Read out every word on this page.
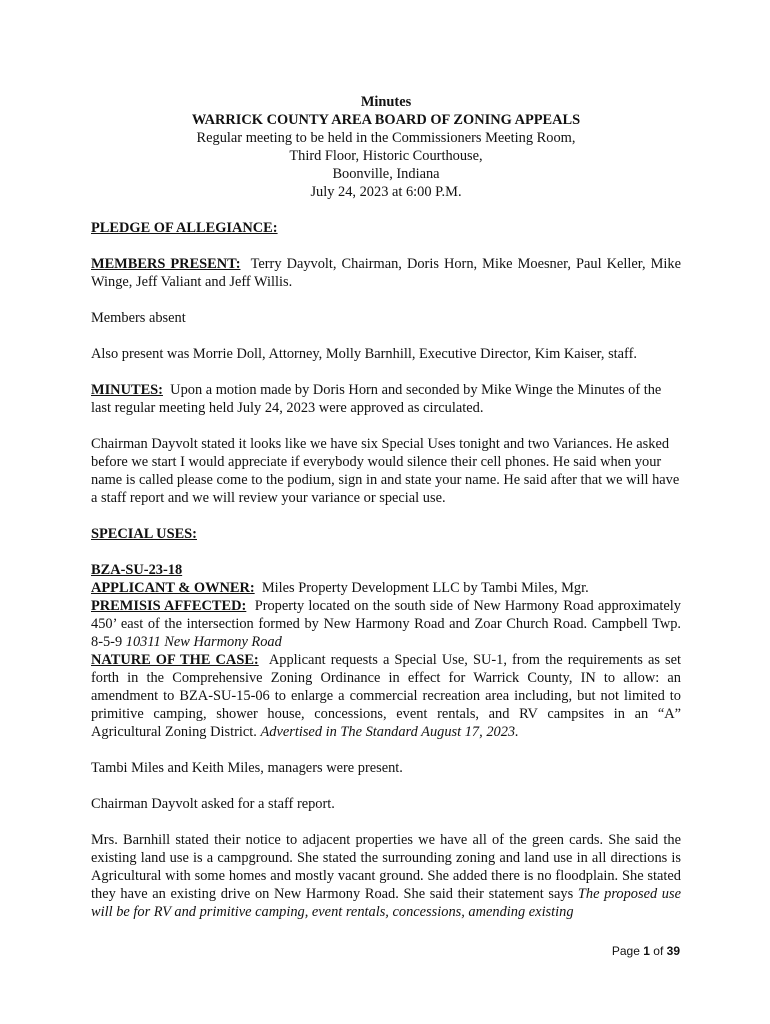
Minutes

WARRICK COUNTY AREA BOARD OF ZONING APPEALS

Regular meeting to be held in the Commissioners Meeting Room,

Third Floor, Historic Courthouse,

Boonville, Indiana

July 24, 2023 at 6:00 P.M.

PLEDGE OF ALLEGIANCE:

MEMBERS PRESENT: Terry Dayvolt, Chairman, Doris Horn, Mike Moesner, Paul Keller, Mike Winge, Jeff Valiant and Jeff Willis.

Members absent

Also present was Morrie Doll, Attorney, Molly Barnhill, Executive Director, Kim Kaiser, staff.

MINUTES: Upon a motion made by Doris Horn and seconded by Mike Winge the Minutes of the last regular meeting held July 24, 2023 were approved as circulated.

Chairman Dayvolt stated it looks like we have six Special Uses tonight and two Variances. He asked before we start I would appreciate if everybody would silence their cell phones. He said when your name is called please come to the podium, sign in and state your name. He said after that we will have a staff report and we will review your variance or special use.

SPECIAL USES:

BZA-SU-23-18

APPLICANT & OWNER: Miles Property Development LLC by Tambi Miles, Mgr.

PREMISIS AFFECTED: Property located on the south side of New Harmony Road approximately 450’ east of the intersection formed by New Harmony Road and Zoar Church Road. Campbell Twp. 8-5-9 10311 New Harmony Road

NATURE OF THE CASE: Applicant requests a Special Use, SU-1, from the requirements as set forth in the Comprehensive Zoning Ordinance in effect for Warrick County, IN to allow: an amendment to BZA-SU-15-06 to enlarge a commercial recreation area including, but not limited to primitive camping, shower house, concessions, event rentals, and RV campsites in an “A” Agricultural Zoning District. Advertised in The Standard August 17, 2023.

Tambi Miles and Keith Miles, managers were present.

Chairman Dayvolt asked for a staff report.

Mrs. Barnhill stated their notice to adjacent properties we have all of the green cards. She said the existing land use is a campground. She stated the surrounding zoning and land use in all directions is Agricultural with some homes and mostly vacant ground. She added there is no floodplain. She stated they have an existing drive on New Harmony Road. She said their statement says The proposed use will be for RV and primitive camping, event rentals, concessions, amending existing

Page 1 of 39
